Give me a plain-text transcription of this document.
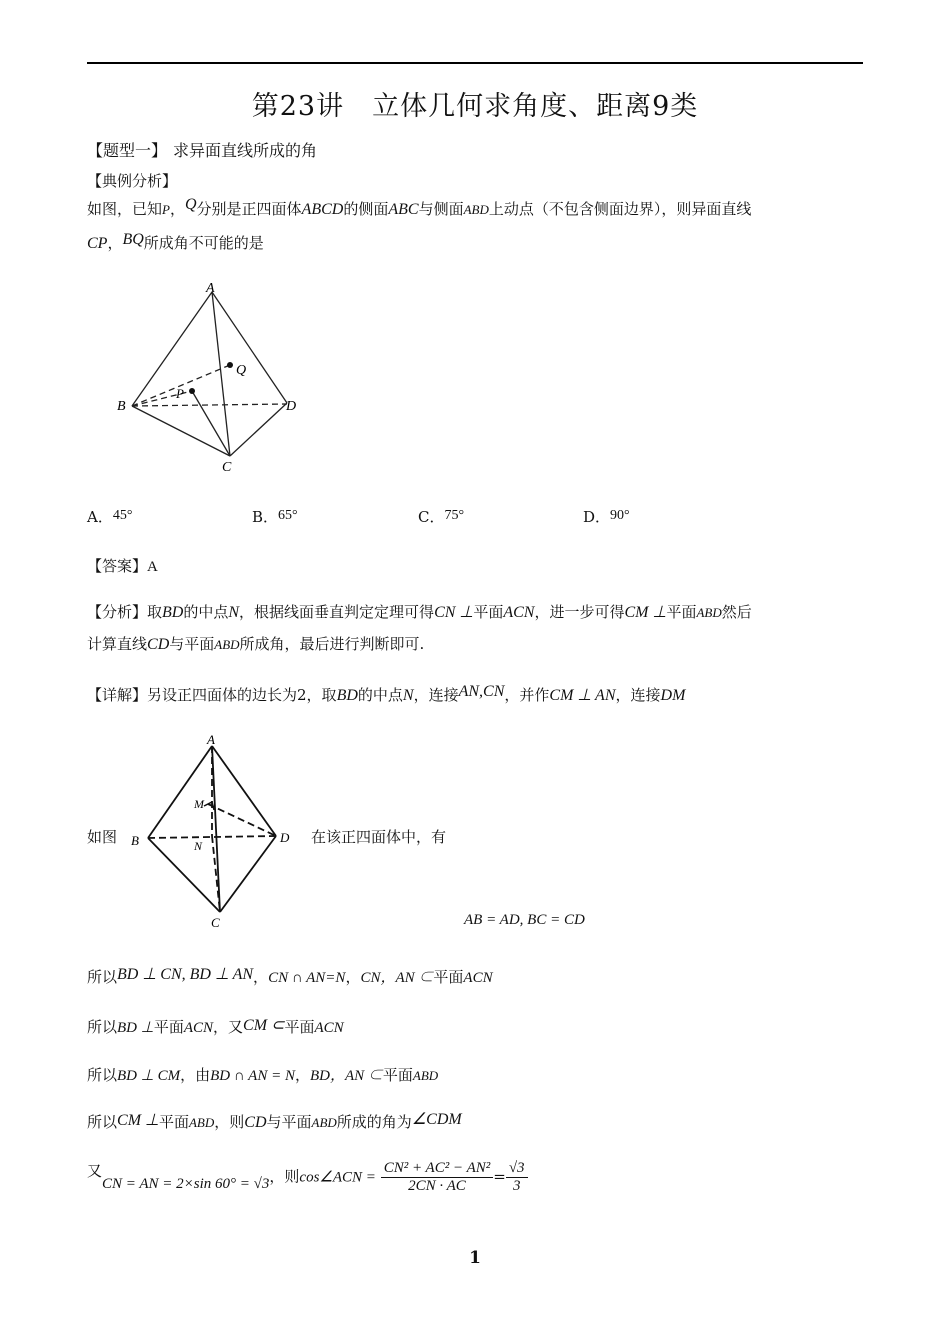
第23讲　立体几何求角度、距离9类
【题型一】 求异面直线所成的角
【典例分析】
如图，已知P，Q分别是正四面体ABCD的侧面ABC与侧面ABD上动点（不包含侧面边界），则异面直线
CP，BQ所成角不可能的是
A
B
C
D
P
Q
A．45°	B．65°	C．75°	D．90°
【答案】A
【分析】取BD的中点N，根据线面垂直判定定理可得CN ⊥平面ACN，进一步可得CM ⊥平面ABD然后
计算直线CD与平面ABD所成角，最后进行判断即可.
【详解】另设正四面体的边长为2，取BD的中点N，连接AN,CN，并作CM ⊥ AN，连接DM
如图
A
B
C
D
M
N	在该正四面体中，有
AB = AD, BC = CD
所以BD ⊥ CN, BD ⊥ AN，CN ∩ AN=N，CN，AN ⊂平面ACN
所以BD ⊥平面ACN，又CM ⊂平面ACN
所以BD ⊥ CM，由BD ∩ AN = N，BD，AN ⊂平面ABD
所以CM ⊥平面ABD，则CD与平面ABD所成的角为∠CDM
又CN = AN = 2×sin 60° = √3，则cos∠ACN = $\frac{\text{CN² + AC² − AN²}}{2CN \cdot AC} = \frac{√3}{3}$
1
